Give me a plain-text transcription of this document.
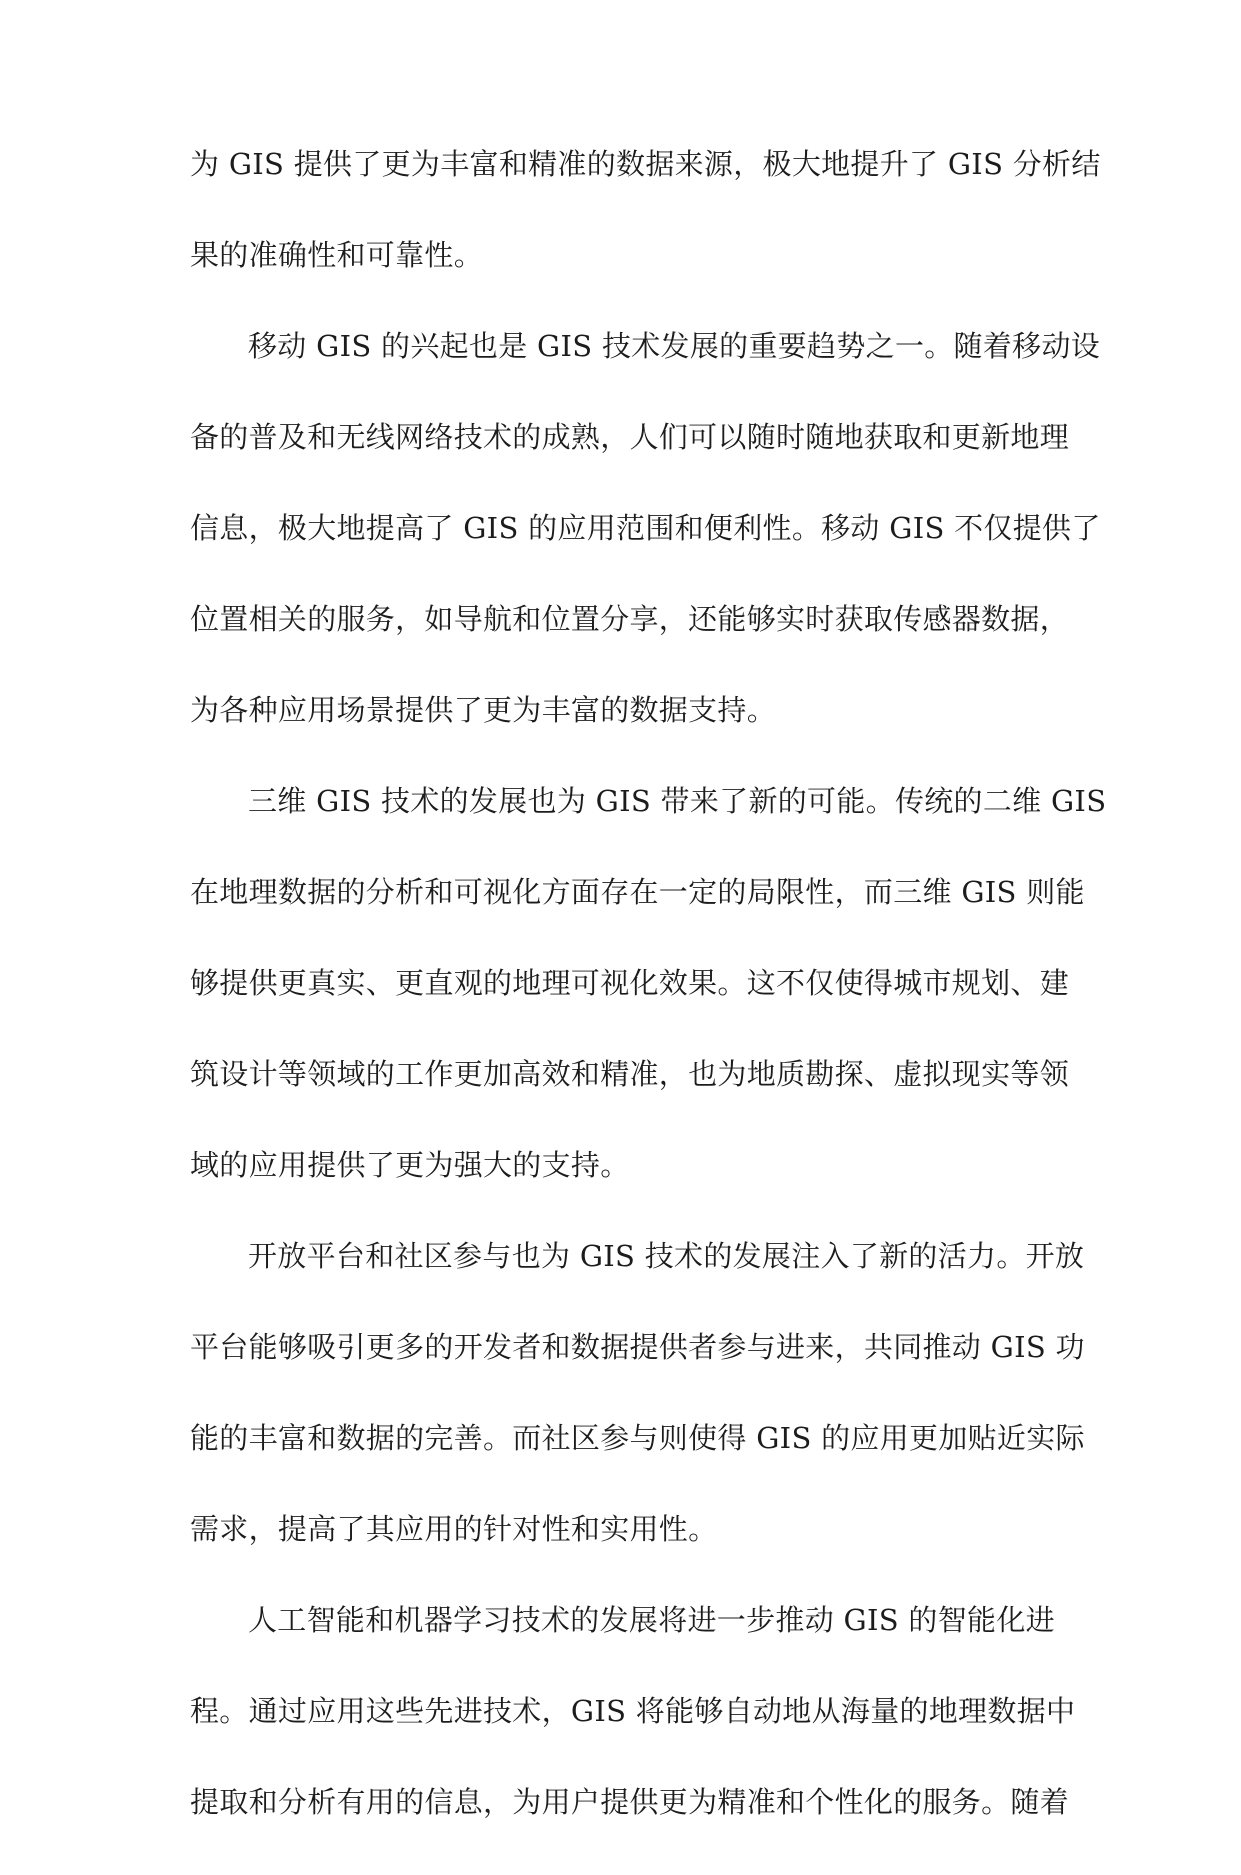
为 GIS 提供了更为丰富和精准的数据来源，极大地提升了 GIS 分析结
果的准确性和可靠性。
移动 GIS 的兴起也是 GIS 技术发展的重要趋势之一。随着移动设
备的普及和无线网络技术的成熟，人们可以随时随地获取和更新地理
信息，极大地提高了 GIS 的应用范围和便利性。移动 GIS 不仅提供了
位置相关的服务，如导航和位置分享，还能够实时获取传感器数据，
为各种应用场景提供了更为丰富的数据支持。
三维 GIS 技术的发展也为 GIS 带来了新的可能。传统的二维 GIS
在地理数据的分析和可视化方面存在一定的局限性，而三维 GIS 则能
够提供更真实、更直观的地理可视化效果。这不仅使得城市规划、建
筑设计等领域的工作更加高效和精准，也为地质勘探、虚拟现实等领
域的应用提供了更为强大的支持。
开放平台和社区参与也为 GIS 技术的发展注入了新的活力。开放
平台能够吸引更多的开发者和数据提供者参与进来，共同推动 GIS 功
能的丰富和数据的完善。而社区参与则使得 GIS 的应用更加贴近实际
需求，提高了其应用的针对性和实用性。
人工智能和机器学习技术的发展将进一步推动 GIS 的智能化进
程。通过应用这些先进技术，GIS 将能够自动地从海量的地理数据中
提取和分析有用的信息，为用户提供更为精准和个性化的服务。随着
